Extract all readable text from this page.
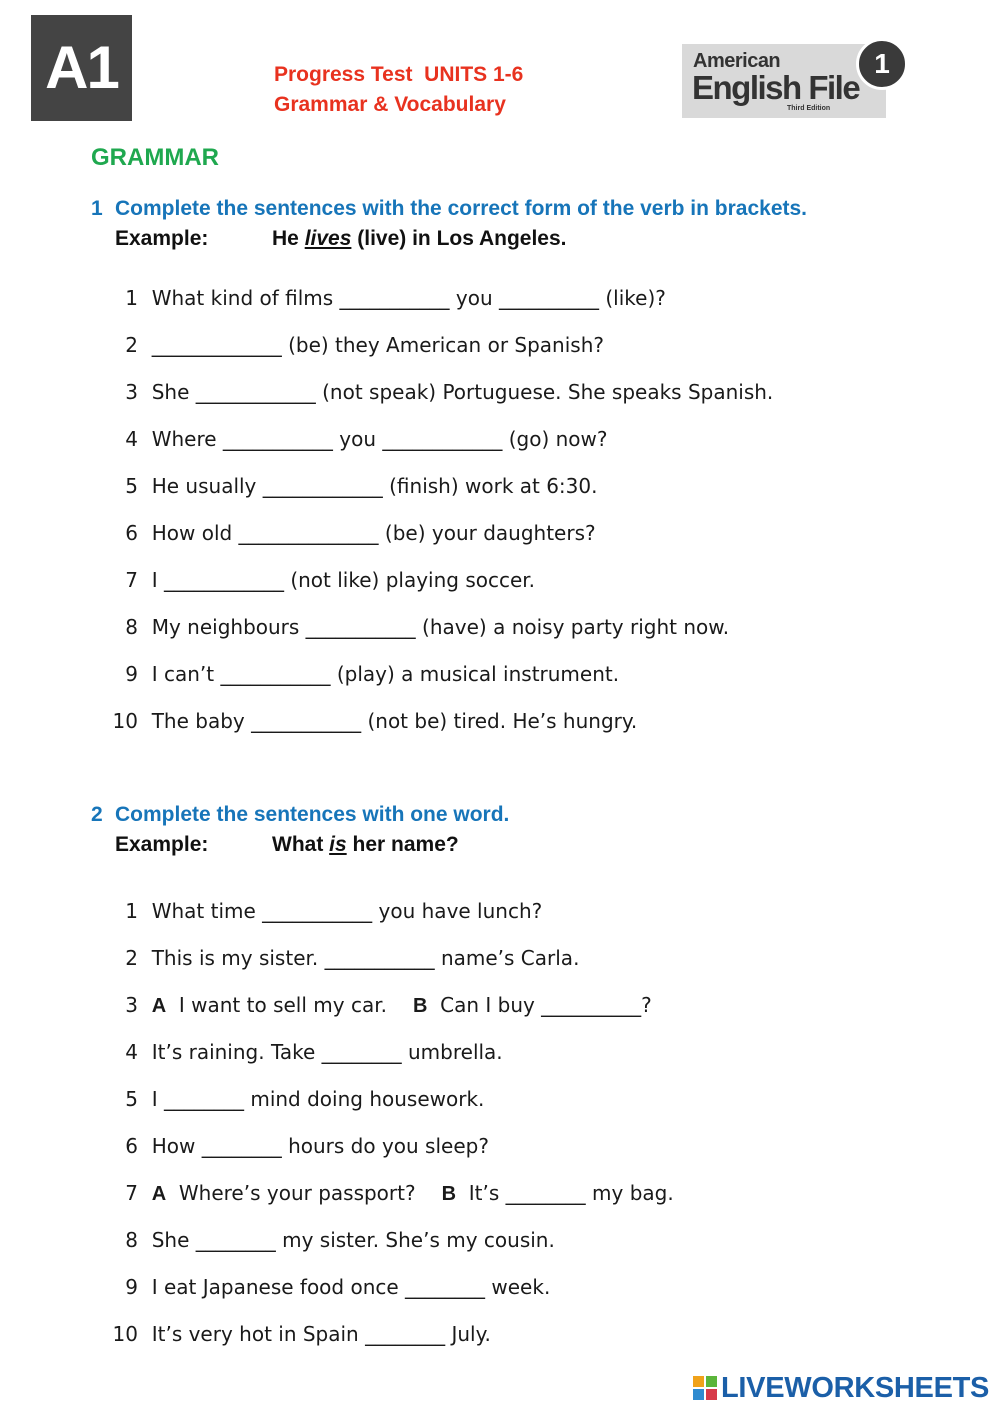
A1	Progress Test  UNITS 1-6
Grammar & Vocabulary
American
English File
Third Edition
1
GRAMMAR
1 Complete the sentences with the correct form of the verb in brackets.
Example:	He lives (live) in Los Angeles.
1 What kind of films ___________ you __________ (like)?
2 _____________ (be) they American or Spanish?
3 She ____________ (not speak) Portuguese. She speaks Spanish.
4 Where ___________ you ____________ (go) now?
5 He usually ____________ (finish) work at 6:30.
6 How old ______________ (be) your daughters?
7 I ____________ (not like) playing soccer.
8 My neighbours ___________ (have) a noisy party right now.
9 I can’t ___________ (play) a musical instrument.
10 The baby ___________ (not be) tired. He’s hungry.
2 Complete the sentences with one word.
Example:	What is her name?
1 What time ___________ you have lunch?
2 This is my sister. ___________ name’s Carla.
3 A I want to sell my car. B Can I buy __________?
4 It’s raining. Take ________ umbrella.
5 I ________ mind doing housework.
6 How ________ hours do you sleep?
7 A Where’s your passport? B It’s ________ my bag.
8 She ________ my sister. She’s my cousin.
9 I eat Japanese food once ________ week.
10 It’s very hot in Spain ________ July.
LIVEWORKSHEETS
